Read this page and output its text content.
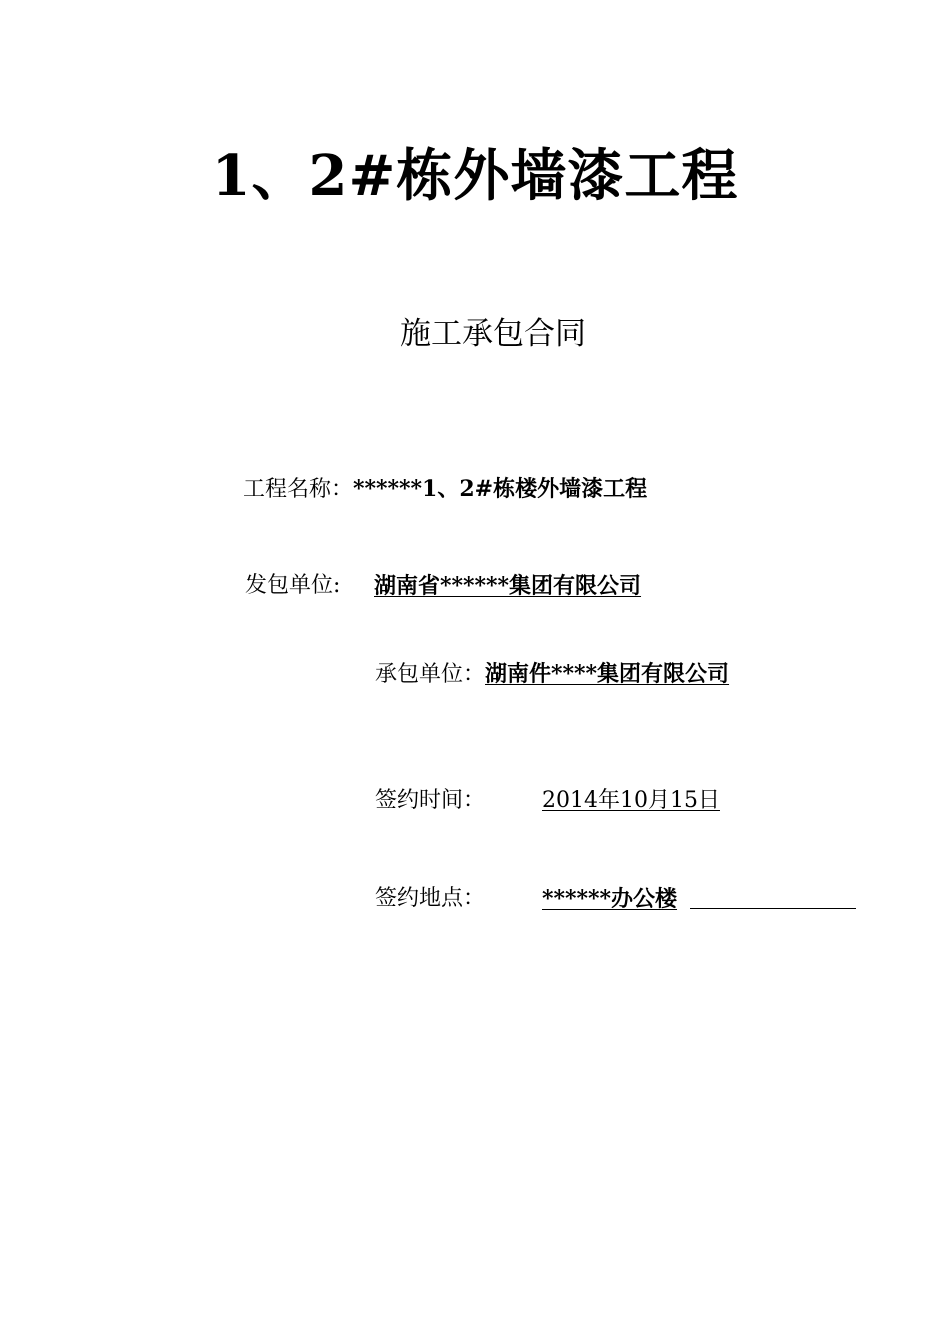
1、2#栋外墙漆工程
施工承包合同
工程名称：******1、2#栋楼外墙漆工程
发包单位: 湖南省******集团有限公司
承包单位：湖南件****集团有限公司
签约时间：	2014年10月15日
签约地点：	******办公楼
